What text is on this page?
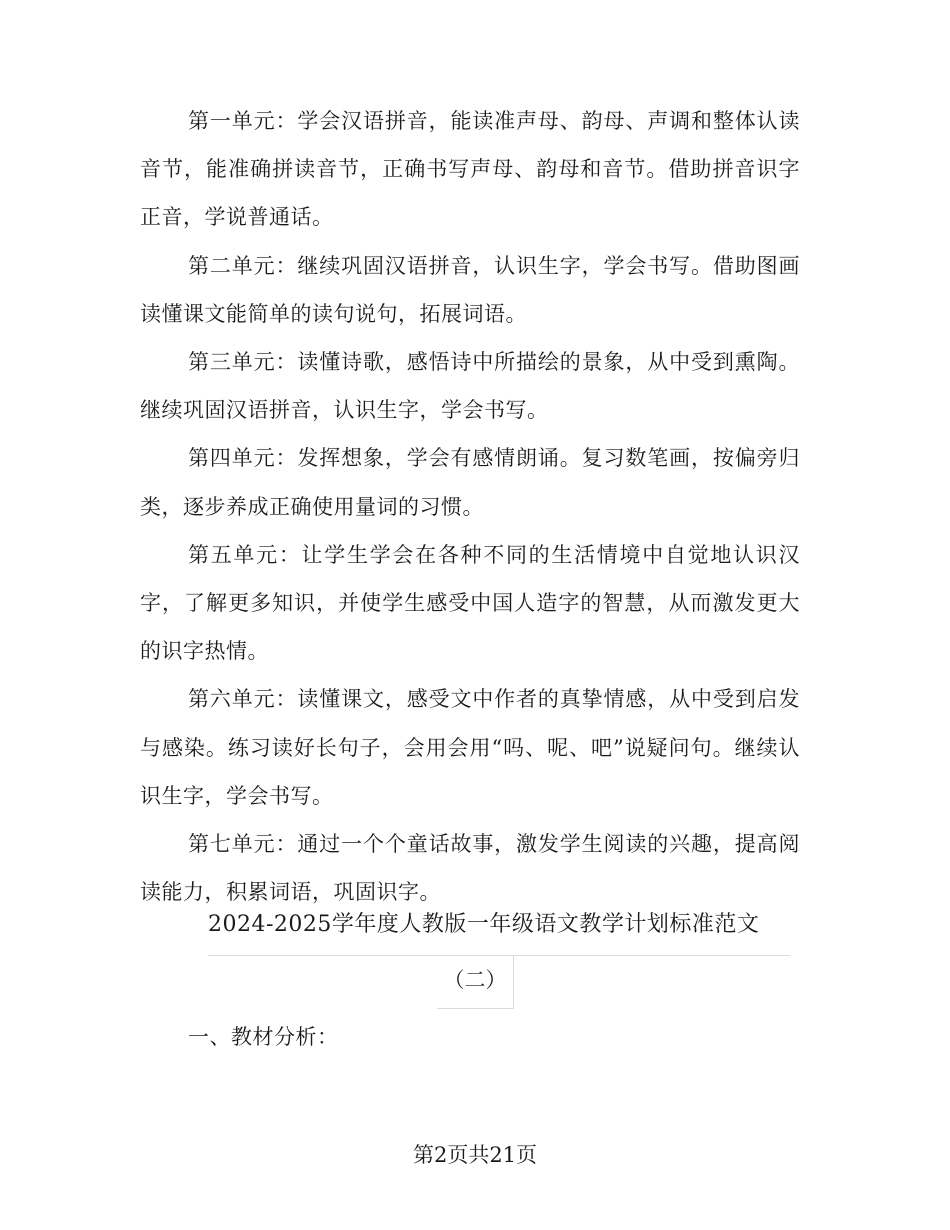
第一单元：学会汉语拼音，能读准声母、韵母、声调和整体认读音节，能准确拼读音节，正确书写声母、韵母和音节。借助拼音识字正音，学说普通话。

第二单元：继续巩固汉语拼音，认识生字，学会书写。借助图画读懂课文能简单的读句说句，拓展词语。

第三单元：读懂诗歌，感悟诗中所描绘的景象，从中受到熏陶。继续巩固汉语拼音，认识生字，学会书写。

第四单元：发挥想象，学会有感情朗诵。复习数笔画，按偏旁归类，逐步养成正确使用量词的习惯。

第五单元：让学生学会在各种不同的生活情境中自觉地认识汉字，了解更多知识，并使学生感受中国人造字的智慧，从而激发更大的识字热情。

第六单元：读懂课文，感受文中作者的真挚情感，从中受到启发与感染。练习读好长句子，会用会用“吗、呢、吧”说疑问句。继续认识生字，学会书写。

第七单元：通过一个个童话故事，激发学生阅读的兴趣，提高阅读能力，积累词语，巩固识字。

2024-2025学年度人教版一年级语文教学计划标准范文
（二）
一、教材分析：
第2页共21页
